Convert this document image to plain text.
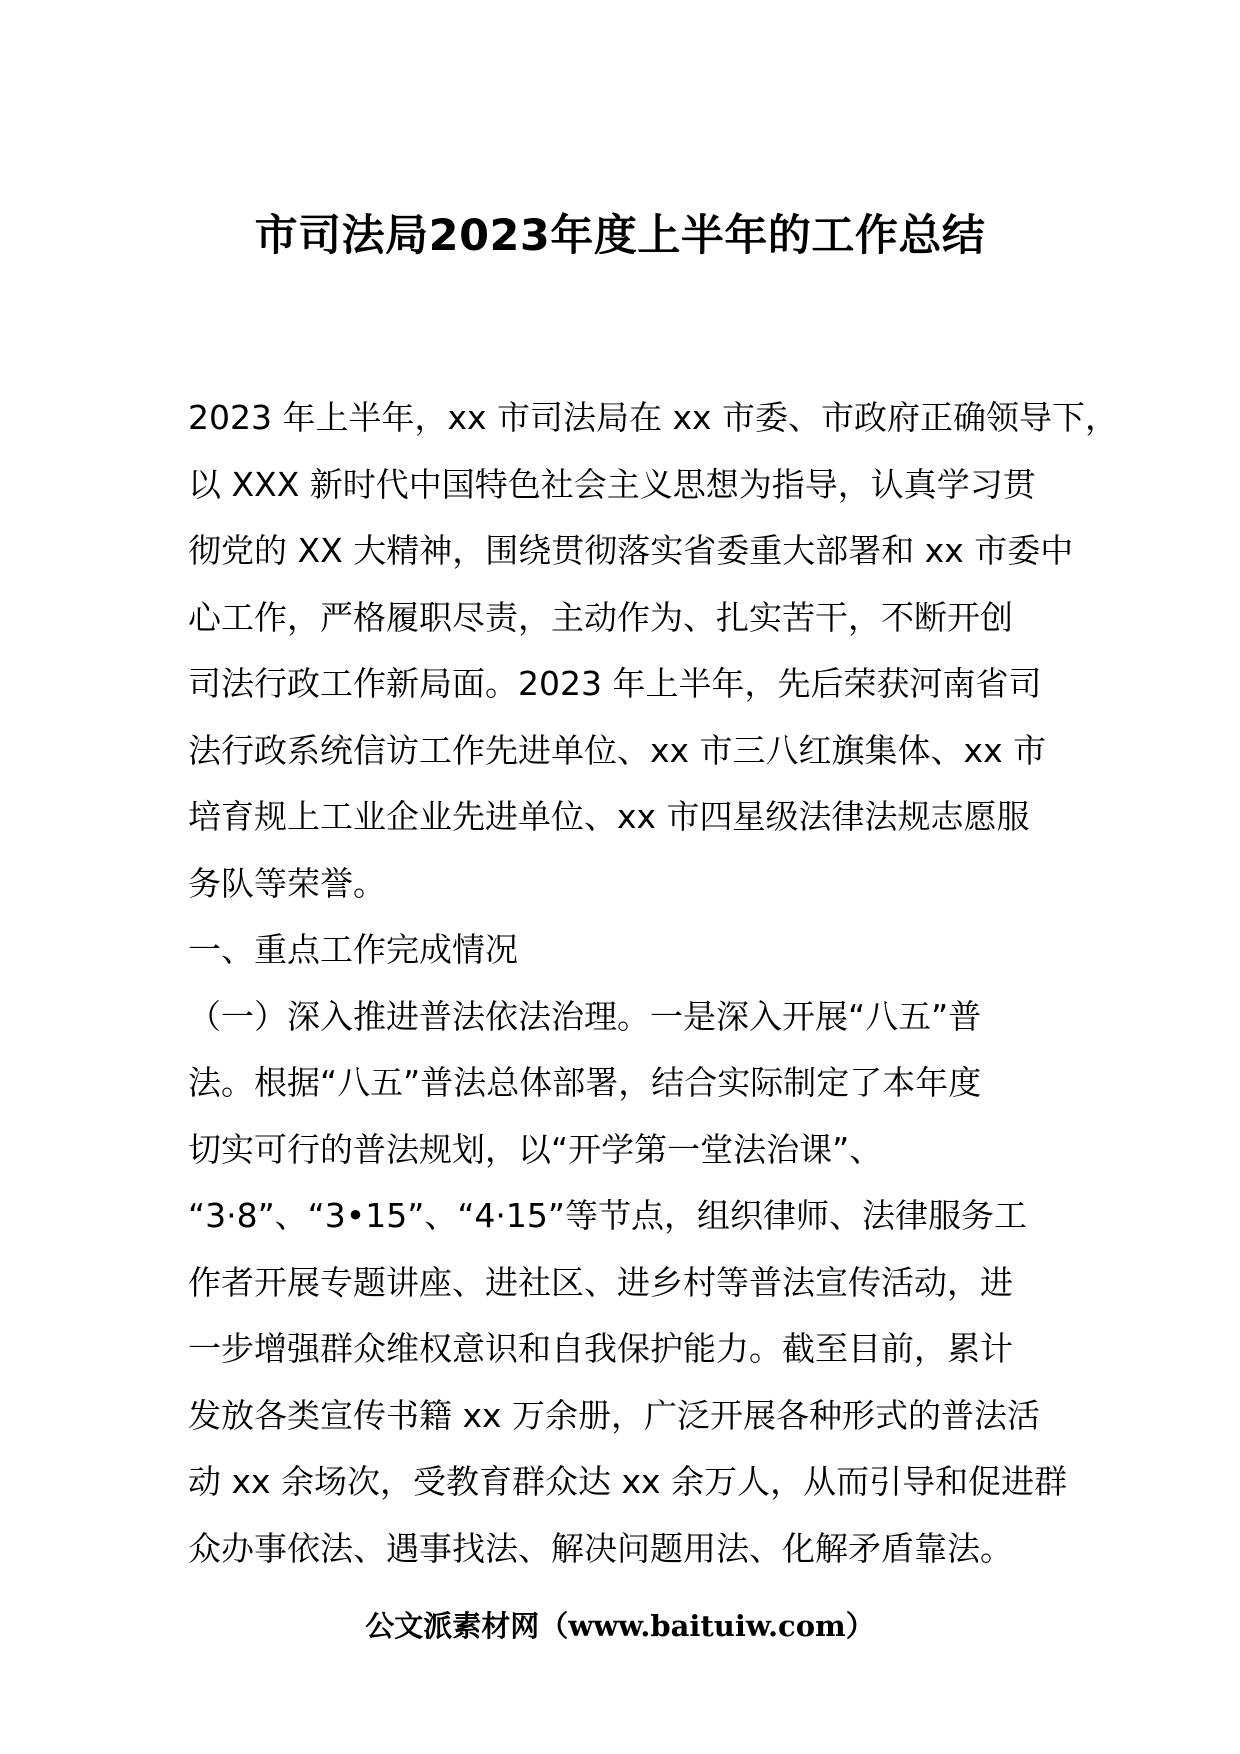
市司法局2023年度上半年的工作总结
2023 年上半年，xx 市司法局在 xx 市委、市政府正确领导下，
以 XXX 新时代中国特色社会主义思想为指导，认真学习贯
彻党的 XX 大精神，围绕贯彻落实省委重大部署和 xx 市委中
心工作，严格履职尽责，主动作为、扎实苦干，不断开创
司法行政工作新局面。2023 年上半年，先后荣获河南省司
法行政系统信访工作先进单位、xx 市三八红旗集体、xx 市
培育规上工业企业先进单位、xx 市四星级法律法规志愿服
务队等荣誉。
一、重点工作完成情况
（一）深入推进普法依法治理。一是深入开展“八五”普
法。根据“八五”普法总体部署，结合实际制定了本年度
切实可行的普法规划，以“开学第一堂法治课”、
“3·8”、“3•15”、“4·15”等节点，组织律师、法律服务工
作者开展专题讲座、进社区、进乡村等普法宣传活动，进
一步增强群众维权意识和自我保护能力。截至目前，累计
发放各类宣传书籍 xx 万余册，广泛开展各种形式的普法活
动 xx 余场次，受教育群众达 xx 余万人，从而引导和促进群
众办事依法、遇事找法、解决问题用法、化解矛盾靠法。
公文派素材网（www.baituiw.com）
